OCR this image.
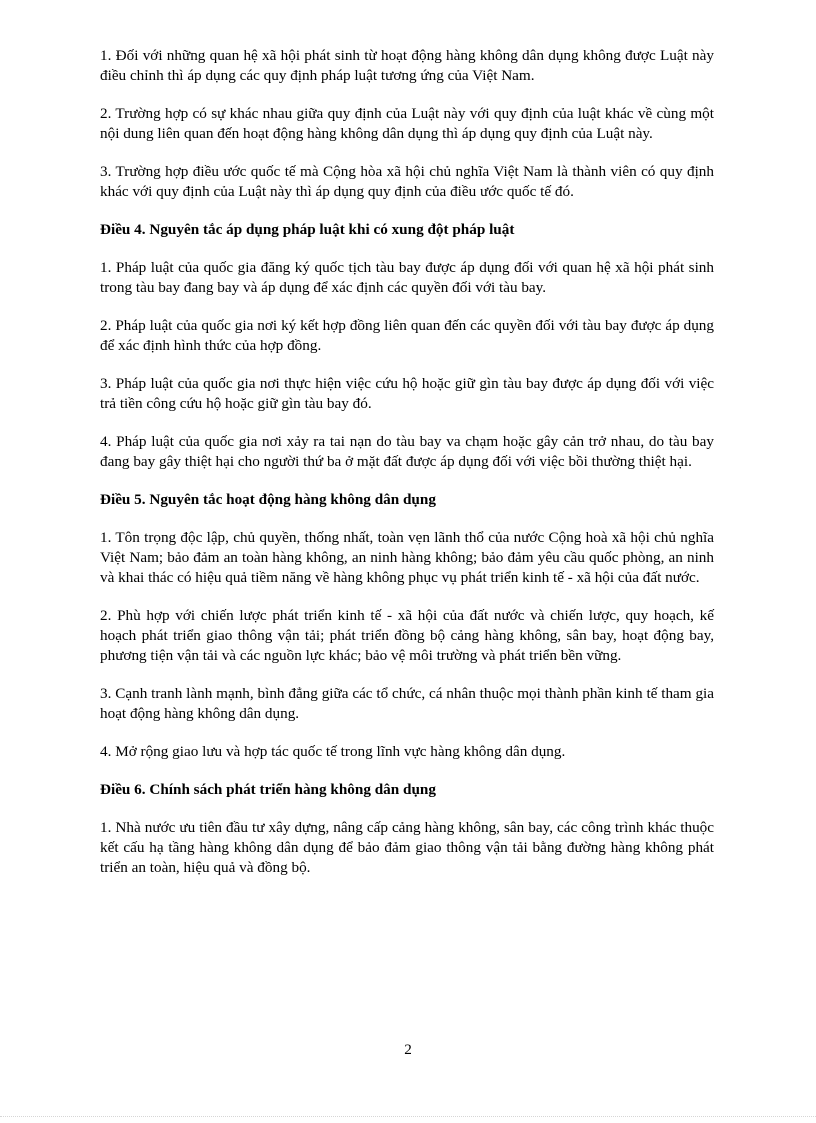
1. Đối với những quan hệ xã hội phát sinh từ hoạt động hàng không dân dụng không được Luật này điều chỉnh thì áp dụng các quy định pháp luật tương ứng của Việt Nam.

2. Trường hợp có sự khác nhau giữa quy định của Luật này với quy định của luật khác về cùng một nội dung liên quan đến hoạt động hàng không dân dụng thì áp dụng quy định của Luật này.

3. Trường hợp điều ước quốc tế mà Cộng hòa xã hội chủ nghĩa Việt Nam là thành viên có quy định khác với quy định của Luật này thì áp dụng quy định của điều ước quốc tế đó.

Điều 4. Nguyên tắc áp dụng pháp luật khi có xung đột pháp luật

1. Pháp luật của quốc gia đăng ký quốc tịch tàu bay được áp dụng đối với quan hệ xã hội phát sinh trong tàu bay đang bay và áp dụng để xác định các quyền đối với tàu bay.

2. Pháp luật của quốc gia nơi ký kết hợp đồng liên quan đến các quyền đối với tàu bay được áp dụng để xác định hình thức của hợp đồng.

3. Pháp luật của quốc gia nơi thực hiện việc cứu hộ hoặc giữ gìn tàu bay được áp dụng đối với việc trả tiền công cứu hộ hoặc giữ gìn tàu bay đó.

4. Pháp luật của quốc gia nơi xảy ra tai nạn do tàu bay va chạm hoặc gây cản trở nhau, do tàu bay đang bay gây thiệt hại cho người thứ ba ở mặt đất được áp dụng đối với việc bồi thường thiệt hại.

Điều 5. Nguyên tắc hoạt động hàng không dân dụng

1. Tôn trọng độc lập, chủ quyền, thống nhất, toàn vẹn lãnh thổ của nước Cộng hoà xã hội chủ nghĩa Việt Nam; bảo đảm an toàn hàng không, an ninh hàng không; bảo đảm yêu cầu quốc phòng, an ninh và khai thác có hiệu quả tiềm năng về hàng không phục vụ phát triển kinh tế - xã hội của đất nước.

2. Phù hợp với chiến lược phát triển kinh tế - xã hội của đất nước và chiến lược, quy hoạch, kế hoạch phát triển giao thông vận tải; phát triển đồng bộ cảng hàng không, sân bay, hoạt động bay, phương tiện vận tải và các nguồn lực khác; bảo vệ môi trường và phát triển bền vững.

3. Cạnh tranh lành mạnh, bình đẳng giữa các tổ chức, cá nhân thuộc mọi thành phần kinh tế tham gia hoạt động hàng không dân dụng.

4. Mở rộng giao lưu và hợp tác quốc tế trong lĩnh vực hàng không dân dụng.

Điều 6. Chính sách phát triển hàng không dân dụng

1. Nhà nước ưu tiên đầu tư xây dựng, nâng cấp cảng hàng không, sân bay, các công trình khác thuộc kết cấu hạ tầng hàng không dân dụng để bảo đảm giao thông vận tải bằng đường hàng không phát triển an toàn, hiệu quả và đồng bộ.

2
